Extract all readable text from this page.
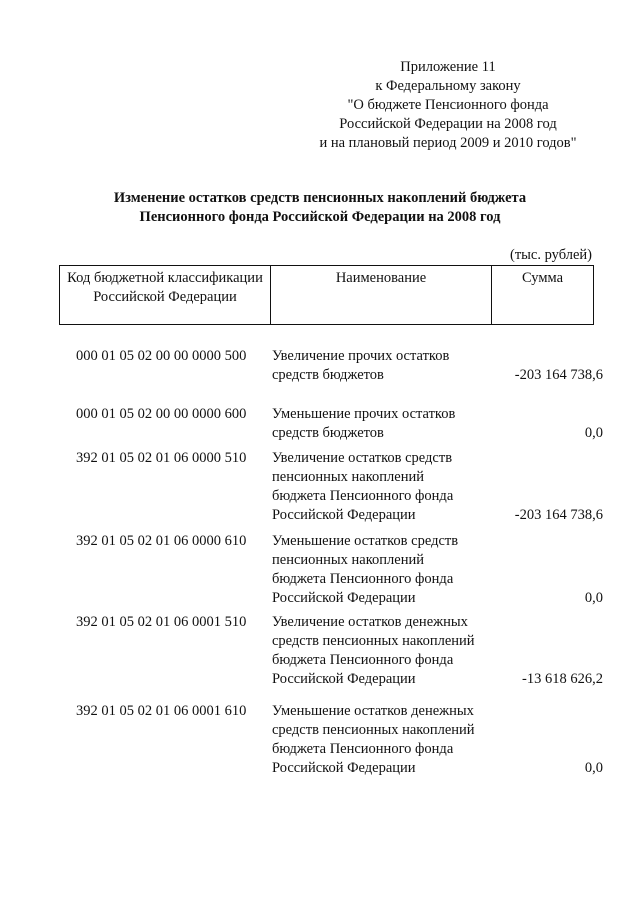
Приложение 11
к Федеральному закону
"О бюджете Пенсионного фонда
Российской Федерации на 2008 год
и на плановый период 2009 и 2010 годов"
Изменение остатков средств пенсионных накоплений бюджета
Пенсионного фонда Российской Федерации на 2008 год
(тыс. рублей)
Код бюджетной классификации
Российской Федерации
Наименование	Сумма
000 01 05 02 00 00 0000 500 Увеличение прочих остатков
средств бюджетов	-203 164 738,6
000 01 05 02 00 00 0000 600 Уменьшение прочих остатков
средств бюджетов	0,0
392 01 05 02 01 06 0000 510 Увеличение остатков средств
пенсионных накоплений
бюджета Пенсионного фонда
Российской Федерации	-203 164 738,6
392 01 05 02 01 06 0000 610 Уменьшение остатков средств
пенсионных накоплений
бюджета Пенсионного фонда
Российской Федерации	0,0
392 01 05 02 01 06 0001 510 Увеличение остатков денежных
средств пенсионных накоплений
бюджета Пенсионного фонда
Российской Федерации	-13 618 626,2
392 01 05 02 01 06 0001 610 Уменьшение остатков денежных
средств пенсионных накоплений
бюджета Пенсионного фонда
Российской Федерации	0,0
